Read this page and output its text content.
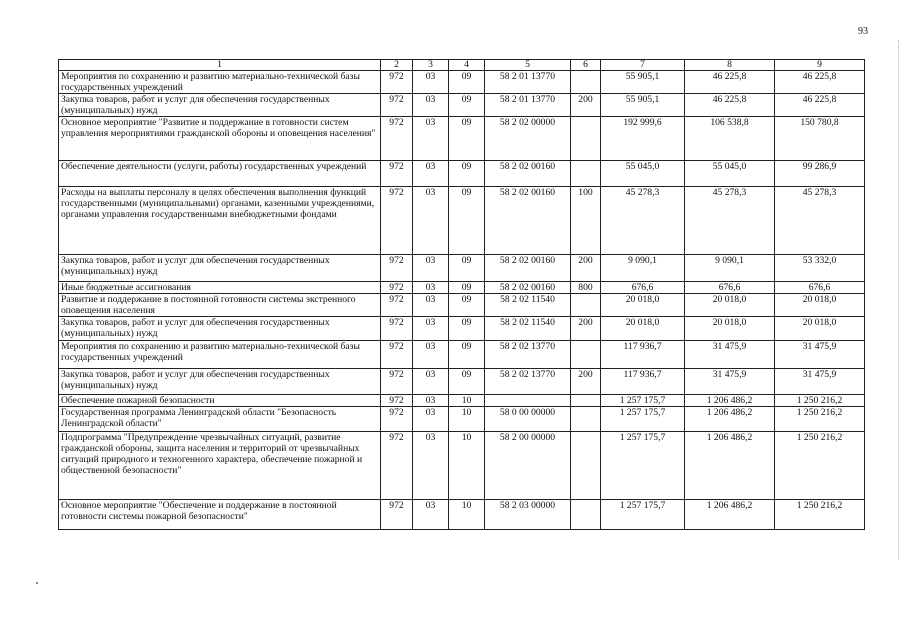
93
1	2	3	4	5	6	7	8	9
Мероприятия по сохранению и развитию материально-технической базы государственных учреждений	972	03	09	58 2 01 13770		55 905,1	46 225,8	46 225,8
Закупка товаров, работ и услуг для обеспечения государственных (муниципальных) нужд	972	03	09	58 2 01 13770	200	55 905,1	46 225,8	46 225,8
Основное мероприятие "Развитие и поддержание в готовности систем управления мероприятиями гражданской обороны и оповещения населения"	972	03	09	58 2 02 00000		192 999,6	106 538,8	150 780,8
Обеспечение деятельности (услуги, работы) государственных учреждений	972	03	09	58 2 02 00160		55 045,0	55 045,0	99 286,9
Расходы на выплаты персоналу в целях обеспечения выполнения функций государственными (муниципальными) органами, казенными учреждениями, органами управления государственными внебюджетными фондами	972	03	09	58 2 02 00160	100	45 278,3	45 278,3	45 278,3
Закупка товаров, работ и услуг для обеспечения государственных (муниципальных) нужд	972	03	09	58 2 02 00160	200	9 090,1	9 090,1	53 332,0
Иные бюджетные ассигнования	972	03	09	58 2 02 00160	800	676,6	676,6	676,6
Развитие и поддержание в постоянной готовности системы экстренного оповещения населения	972	03	09	58 2 02 11540		20 018,0	20 018,0	20 018,0
Закупка товаров, работ и услуг для обеспечения государственных (муниципальных) нужд	972	03	09	58 2 02 11540	200	20 018,0	20 018,0	20 018,0
Мероприятия по сохранению и развитию материально-технической базы государственных учреждений	972	03	09	58 2 02 13770		117 936,7	31 475,9	31 475,9
Закупка товаров, работ и услуг для обеспечения государственных (муниципальных) нужд	972	03	09	58 2 02 13770	200	117 936,7	31 475,9	31 475,9
Обеспечение пожарной безопасности	972	03	10			1 257 175,7	1 206 486,2	1 250 216,2
Государственная программа Ленинградской области "Безопасность Ленинградской области"	972	03	10	58 0 00 00000		1 257 175,7	1 206 486,2	1 250 216,2
Подпрограмма "Предупреждение чрезвычайных ситуаций, развитие гражданской обороны, защита населения и территорий от чрезвычайных ситуаций природного и техногенного характера, обеспечение пожарной и общественной безопасности"	972	03	10	58 2 00 00000		1 257 175,7	1 206 486,2	1 250 216,2
Основное мероприятие "Обеспечение и поддержание в постоянной готовности системы пожарной безопасности"	972	03	10	58 2 03 00000		1 257 175,7	1 206 486,2	1 250 216,2
